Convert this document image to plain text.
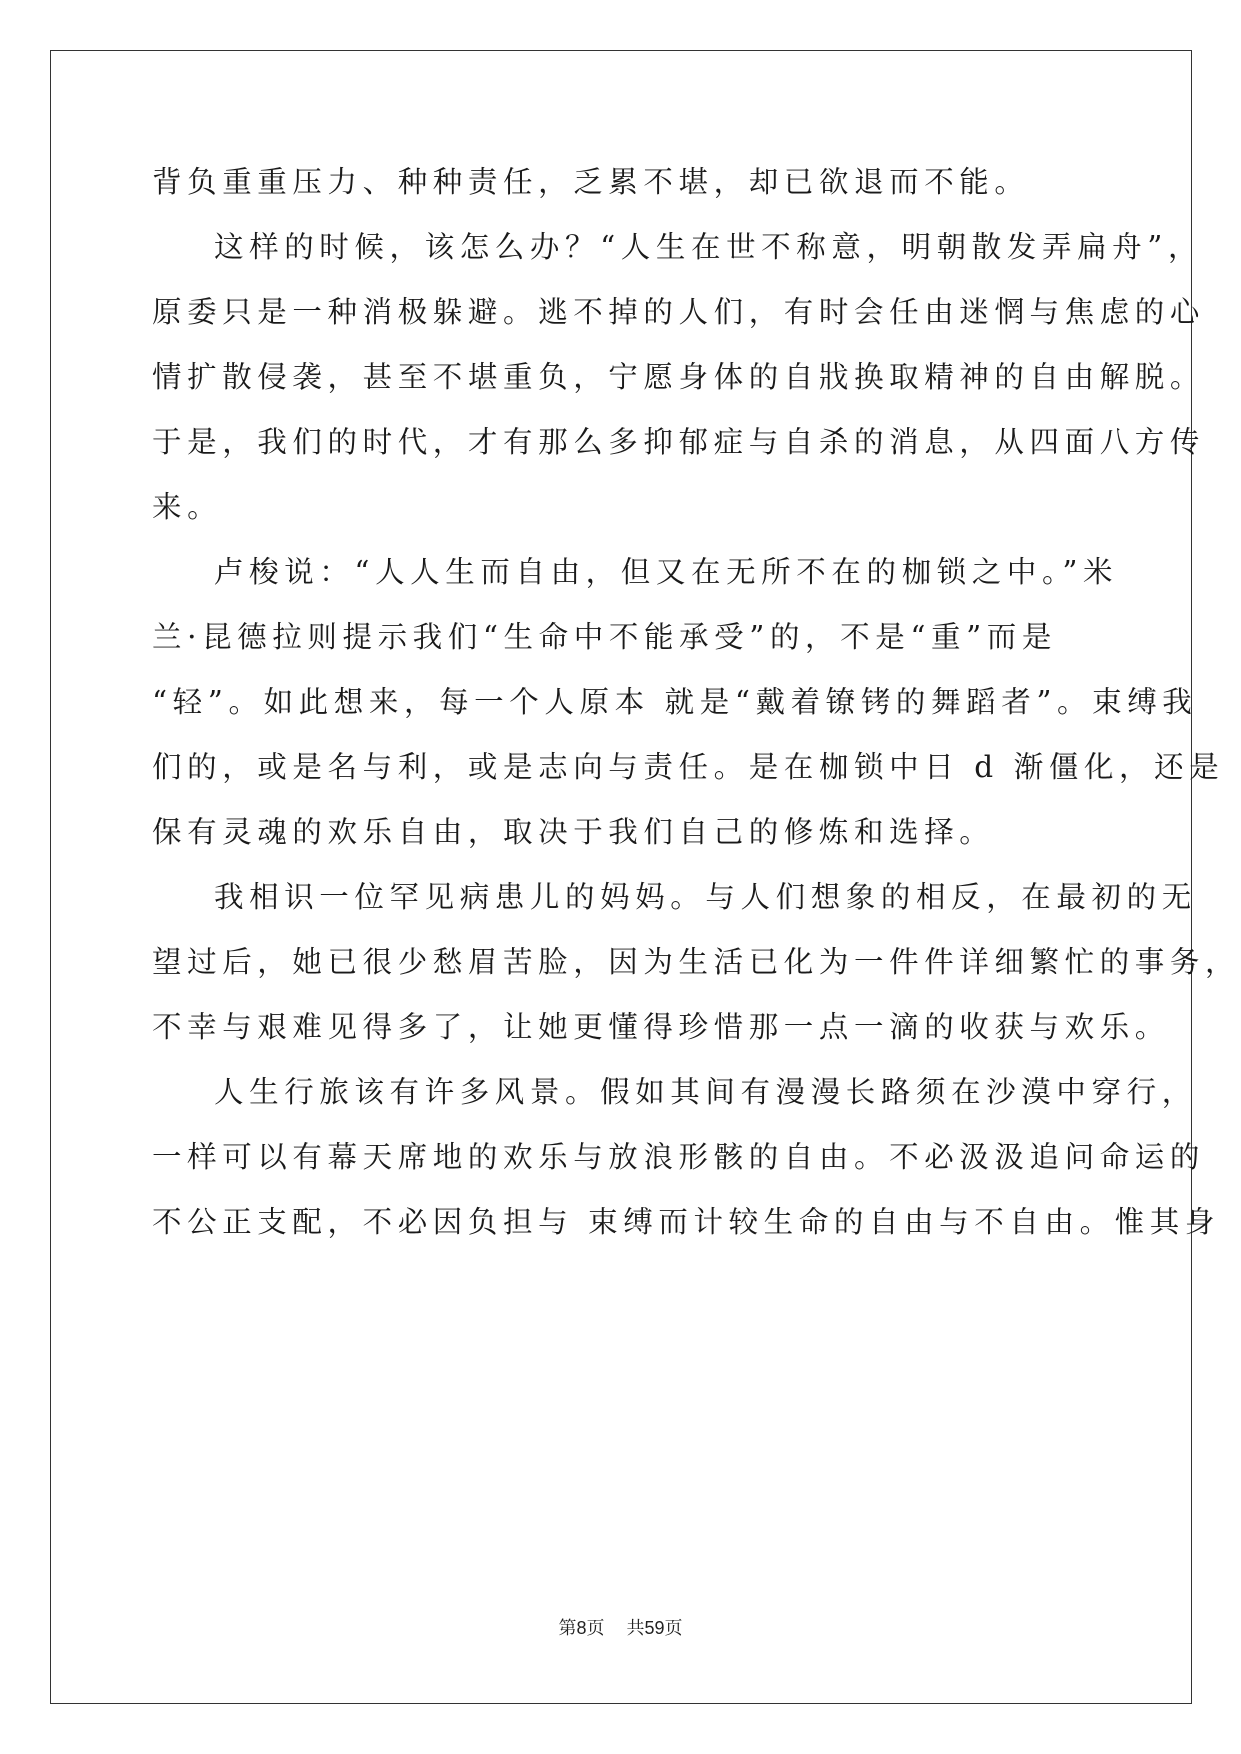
背负重重压力、种种责任，乏累不堪，却已欲退而不能。
这样的时候，该怎么办？“人生在世不称意，明朝散发弄扁舟”，
原委只是一种消极躲避。逃不掉的人们，有时会任由迷惘与焦虑的心
情扩散侵袭，甚至不堪重负，宁愿身体的自戕换取精神的自由解脱。
于是，我们的时代，才有那么多抑郁症与自杀的消息，从四面八方传
来。
卢梭说：“人人生而自由，但又在无所不在的枷锁之中。”米
兰·昆德拉则提示我们“生命中不能承受”的，不是“重”而是
“轻”。如此想来，每一个人原本 就是“戴着镣铐的舞蹈者”。束缚我
们的，或是名与利，或是志向与责任。是在枷锁中日 d 渐僵化，还是
保有灵魂的欢乐自由，取决于我们自己的修炼和选择。
我相识一位罕见病患儿的妈妈。与人们想象的相反，在最初的无
望过后，她已很少愁眉苦脸，因为生活已化为一件件详细繁忙的事务，
不幸与艰难见得多了，让她更懂得珍惜那一点一滴的收获与欢乐。
人生行旅该有许多风景。假如其间有漫漫长路须在沙漠中穿行，
一样可以有幕天席地的欢乐与放浪形骸的自由。不必汲汲追问命运的
不公正支配，不必因负担与 束缚而计较生命的自由与不自由。惟其身
第8页 共59页
